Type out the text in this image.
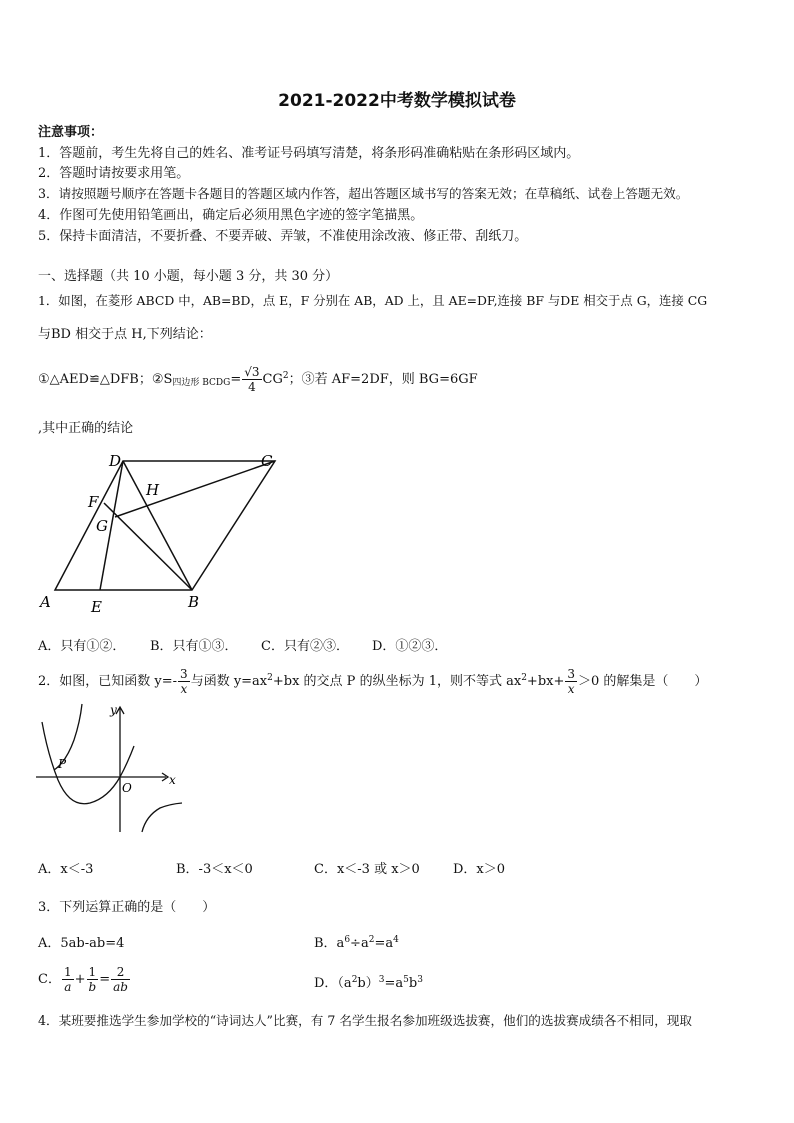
2021-2022中考数学模拟试卷
注意事项：
1．答题前，考生先将自己的姓名、准考证号码填写清楚，将条形码准确粘贴在条形码区域内。
2．答题时请按要求用笔。
3．请按照题号顺序在答题卡各题目的答题区域内作答，超出答题区域书写的答案无效；在草稿纸、试卷上答题无效。
4．作图可先使用铅笔画出，确定后必须用黑色字迹的签字笔描黑。
5．保持卡面清洁，不要折叠、不要弄破、弄皱，不准使用涂改液、修正带、刮纸刀。
一、选择题（共 10 小题，每小题 3 分，共 30 分）
1．如图，在菱形 ABCD 中，AB=BD，点 E，F 分别在 AB，AD 上，且 AE=DF,连接 BF 与DE 相交于点 G，连接 CG
与BD 相交于点 H,下列结论：
①△AED≌△DFB；$②S_{四边形 BCDG}= \frac{√3}{4} CG^2$；③若 AF=2DF，则 BG=6GF
,其中正确的结论
A	B
C
D
E
F
G
H
A．只有①②． B．只有①③． C．只有②③． D．①②③．
2．如图，已知函数 $y=- \frac{3}{x}$ 与函数 $y=ax^2+bx$ 的交点 P 的纵坐标为 1，则不等式 $ax^2+bx+ \frac{3}{x} >0$ 的解集是（　　）
P
O
x
y
A．x＜-3	B．-3＜x＜0	C．x＜-3 或 x＞0	D．x＞0
3．下列运算正确的是（　　）
A．5ab-ab=4	B．$a^6\div a^2=a^4$
C． $\frac{1}{a} + \frac{1}{b} = \frac{2}{ab}$	D．$(a^2b)^3=a^5b^3$
4．某班要推选学生参加学校的“诗词达人”比赛，有 7 名学生报名参加班级选拔赛，他们的选拔赛成绩各不相同，现取
